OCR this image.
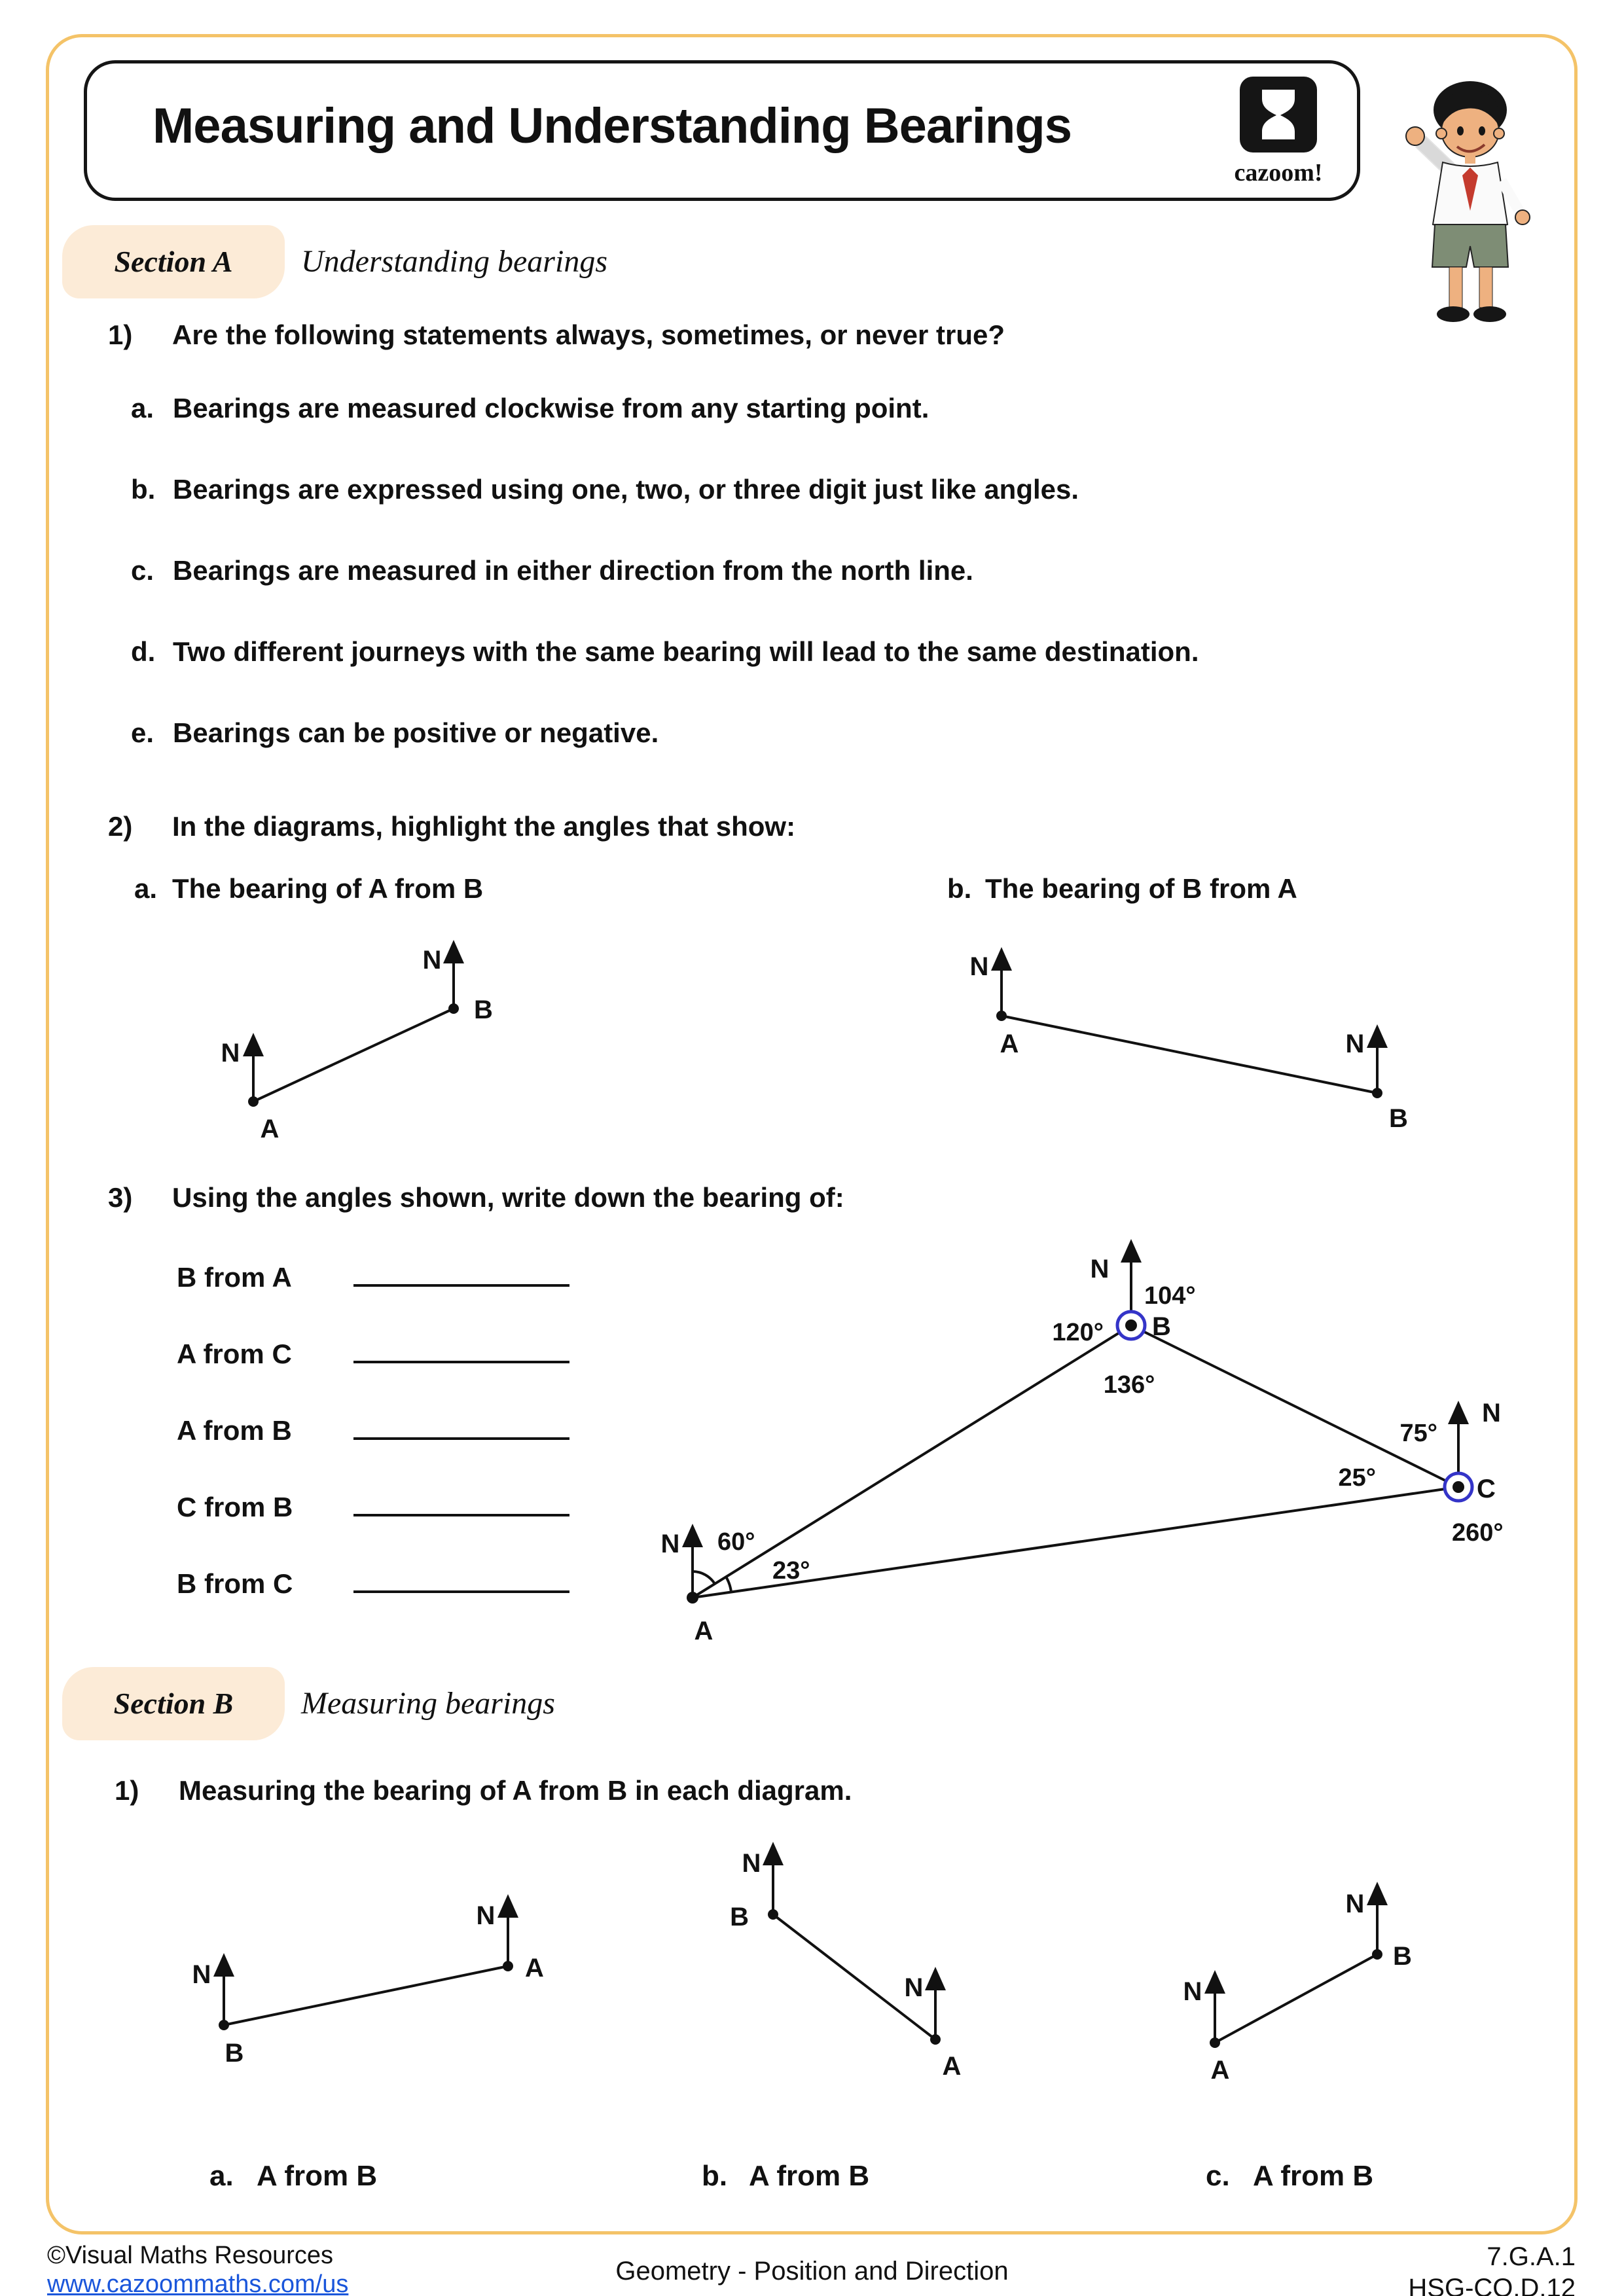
Measuring and Understanding Bearings
cazoom!
Section A	Understanding bearings
1) Are the following statements always, sometimes, or never true?
a. Bearings are measured clockwise from any starting point.
b. Bearings are expressed using one, two, or three digit just like angles.
c. Bearings are measured in either direction from the north line.
d. Two different journeys with the same bearing will lead to the same destination.
e. Bearings can be positive or negative.
2) In the diagrams, highlight the angles that show:
a. The bearing of A from B	b. The bearing of B from A
N
N
A
B
N
N
A
B
3) Using the angles shown, write down the bearing of:
B from A
A from C
A from B
C from B
B from C
N
N
N
A
B
C
104°
120°
136°
75°
25°
260°
60°
23°
Section B	Measuring bearings
1) Measuring the bearing of A from B in each diagram.
N
N
B
A
N
N
B
A
N
N
A
B
a. A from B	b. A from B	c. A from B
©Visual Maths Resources
www.cazoommaths.com/us	Geometry - Position and Direction	7.G.A.1
HSG-CO.D.12
